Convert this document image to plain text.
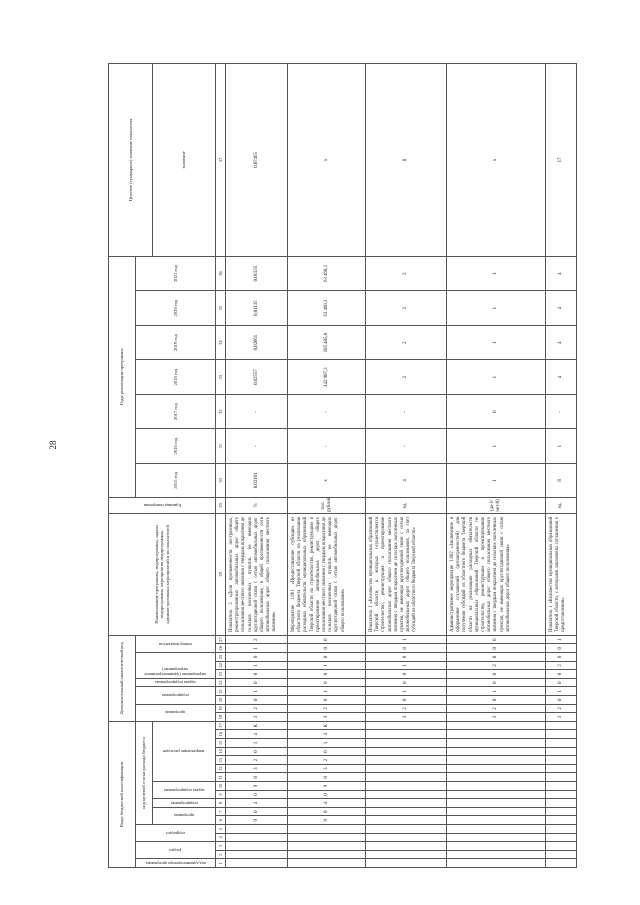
28
Коды бюджетной классификации																	Дополнительный аналитический код										Наименование программы, подпрограммы, задачи подпрограммы, мероприятия подпрограммы, административных мероприятий и их показателей	Единица измерения	Годы реализации программы							Целевое (суммарное) значение показателя

код администратора программы	раздел		подраздел		код целевой статьи расхода бюджета												программа		подпрограмма		задача подпрограммы	мероприятие (административное мероприятие)			номер показателя				2015 год	2016 год	2017 год	2018 год	2019 год	2020 год	2021 год	

					программа		подпрограмма	задача подпрограммы		направление расходов																										значение
1	2	3	4	5	6	7	8	9	10	11	12	13	14	15	16	17	18	19	20	21	22	23	24	25	26	27	28	29	30	31	32	33	34	35	36	37
					9	0	4	0	9	0	3	2	0	1	4	К	3	2	0	1	0	0	1	0	1	2	Показатель 2 «Доля протяженности построенных, реконструированных автомобильных дорог общего пользования местного значения с твердым покрытием до сельских населенных пунктов, не имеющих круглогодичной связи с сетью автомобильных дорог общего пользования, в общей протяженности сети автомобильных дорог общего пользования местного значения»	%	0,02101	-	-	0,02557	0,02061	0,01135	0,01135	0,07465
					9	0	4	0	9	0	3	2	0	1	4	К	3	2	0	1	0	0	1	0	0	0	Мероприятие 1.001 «Предоставление субсидии из областного бюджета Тверской области на реализацию расходных обязательств муниципальных образований Тверской области на строительство, реконструкцию и проектирование автомобильных дорог общего пользования местного значения с твердым покрытием до сельских населенных пунктов, не имеющих круглогодичной связи с сетью автомобильных дорог общего пользования»	тыс. рублей	х	-	-	142 987,3	185 405,8	63 460,3	63 460,3	х
																	3	2	0	1	0	0	1	0	0	1	Показатель 1 «Количество муниципальных образований Тверской области, в которых осуществляется строительство, реконструкция и проектирование автомобильных дорог общего пользования местного значения с твердым покрытием до сельских населенных пунктов, не имеющих круглогодичной связи с сетью автомобильных дорог общего пользования, за счет субсидий из областного бюджета Тверской области»	ед.	4	-	-	2	2	2	2	8
																	3	2	0	1	0	0	2	0	0	0	Административное мероприятие 1.002 «Заключение и оформление соглашений (договоренностей) для получения субсидий из областного бюджета Тверской области на реализацию расходных обязательств муниципальных образований Тверской области по строительству, реконструкции и проектированию автомобильных дорог общего пользования местного значения с твердым покрытием до сельских населенных пунктов, не имеющих круглогодичной связи с сетью автомобильных дорог общего пользования»	(да-1/нет-0)	1	1	0	1	1	1	1	х
																	3	2	0	1	0	0	2	0	0	1	Показатель 1 «Количество муниципальных образований Тверской области, с которыми заключены соглашения о предоставлении»	ед.	8	1	-	4	4	4	4	17
